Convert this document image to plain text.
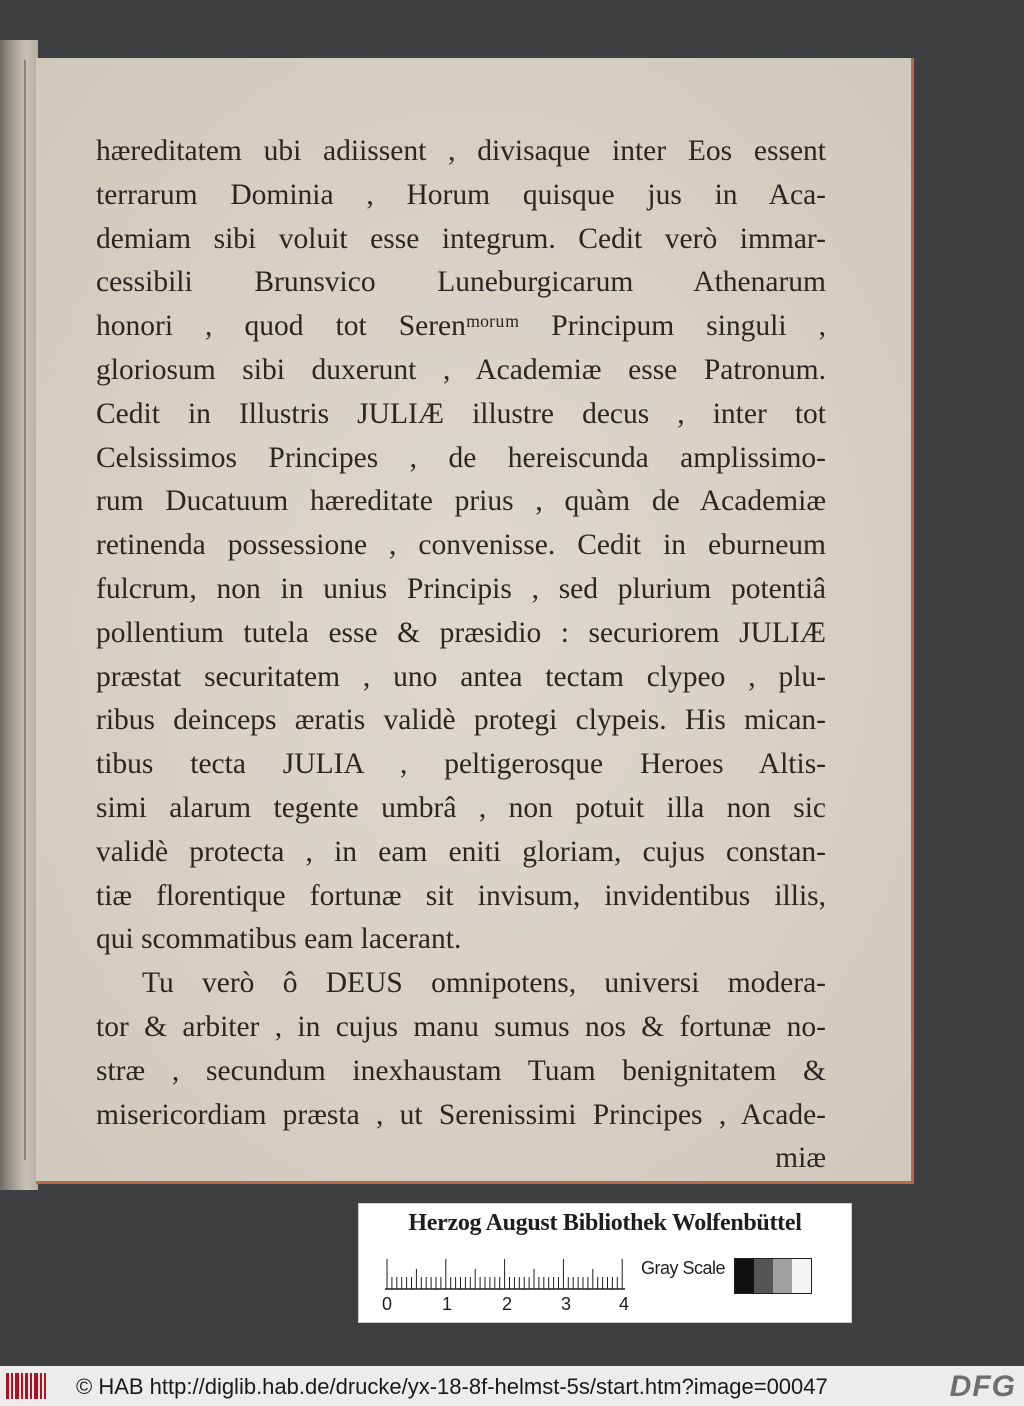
hæreditatem ubi adiissent , divisaque inter Eos essent
terrarum Dominia , Horum quisque jus in Aca-
demiam sibi voluit esse integrum. Cedit verò immar-
cessibili Brunsvico Luneburgicarum Athenarum
honori , quod tot Serenᵐᵒʳᵘᵐ Principum singuli ,
gloriosum sibi duxerunt , Academiæ esse Patronum.
Cedit in Illustris JULIÆ illustre decus , inter tot
Celsissimos Principes , de hereiscunda amplissimo-
rum Ducatuum hæreditate prius , quàm de Academiæ
retinenda possessione , convenisse. Cedit in eburneum
fulcrum, non in unius Principis , sed plurium potentiâ
pollentium tutela esse & præsidio : securiorem JULIÆ
præstat securitatem , uno antea tectam clypeo , plu-
ribus deinceps æratis validè protegi clypeis. His mican-
tibus tecta JULIA , peltigerosque Heroes Altis-
simi alarum tegente umbrâ , non potuit illa non sic
validè protecta , in eam eniti gloriam, cujus constan-
tiæ florentique fortunæ sit invisum, invidentibus illis,
qui scommatibus eam lacerant.
Tu verò ô DEUS omnipotens, universi modera-
tor & arbiter , in cujus manu sumus nos & fortunæ no-
stræ , secundum inexhaustam Tuam benignitatem &
misericordiam præsta , ut Serenissimi Principes , Acade-
miæ
Herzog August Bibliothek Wolfenbüttel
0	1	2	3	4
Gray Scale
© HAB http://diglib.hab.de/drucke/yx-18-8f-helmst-5s/start.htm?image=00047	DFG
